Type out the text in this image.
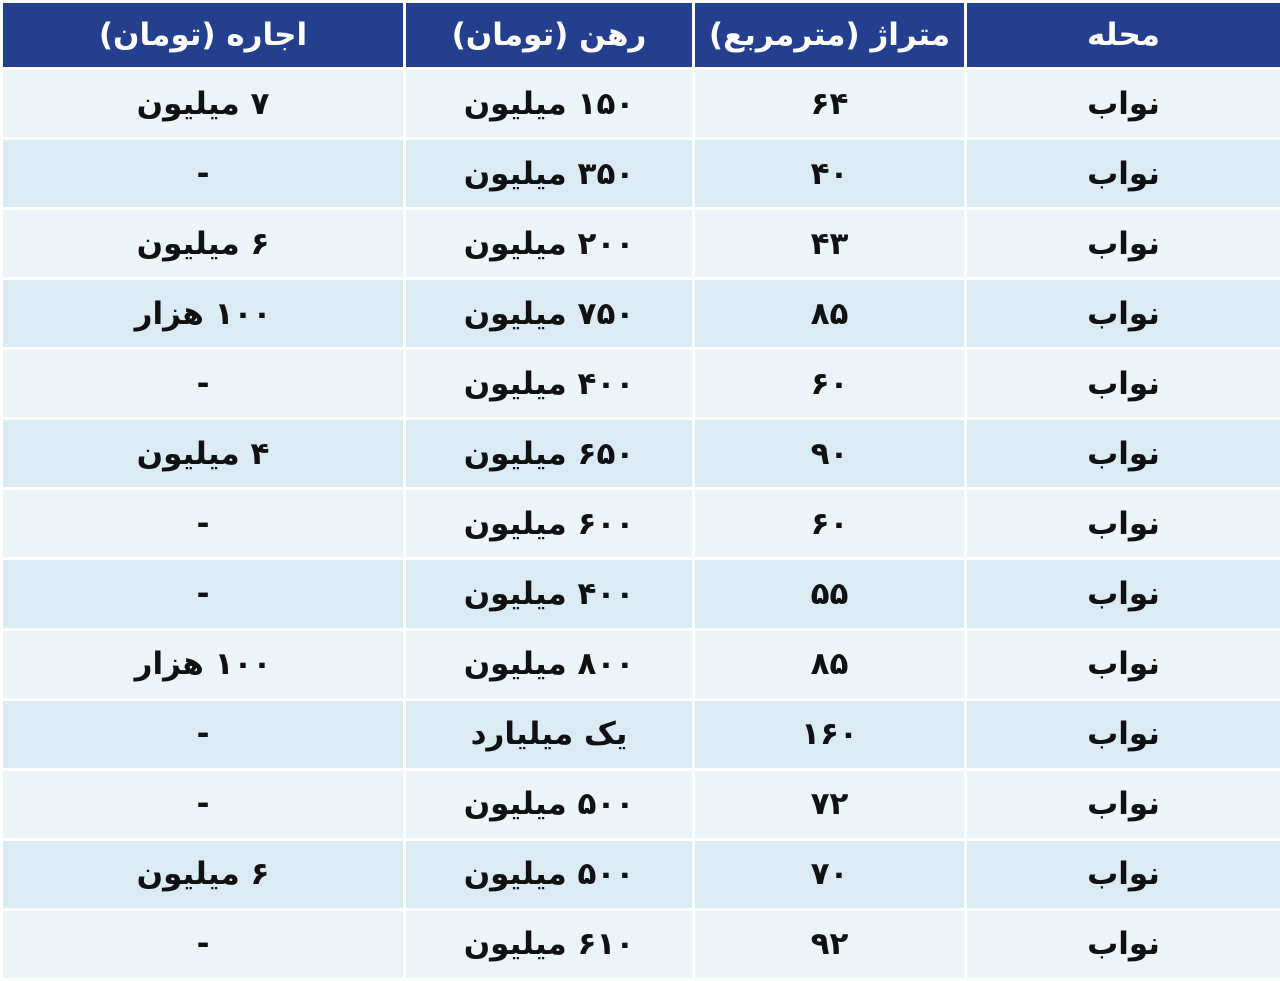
محله	متراژ (مترمربع)	رهن (تومان)	اجاره (تومان)
نواب	۶۴	۱۵۰ میلیون	۷ میلیون
نواب	۴۰	۳۵۰ میلیون	-
نواب	۴۳	۲۰۰ میلیون	۶ میلیون
نواب	۸۵	۷۵۰ میلیون	۱۰۰ هزار
نواب	۶۰	۴۰۰ میلیون	-
نواب	۹۰	۶۵۰ میلیون	۴ میلیون
نواب	۶۰	۶۰۰ میلیون	-
نواب	۵۵	۴۰۰ میلیون	-
نواب	۸۵	۸۰۰ میلیون	۱۰۰ هزار
نواب	۱۶۰	یک میلیارد	-
نواب	۷۲	۵۰۰ میلیون	-
نواب	۷۰	۵۰۰ میلیون	۶ میلیون
نواب	۹۲	۶۱۰ میلیون	-
